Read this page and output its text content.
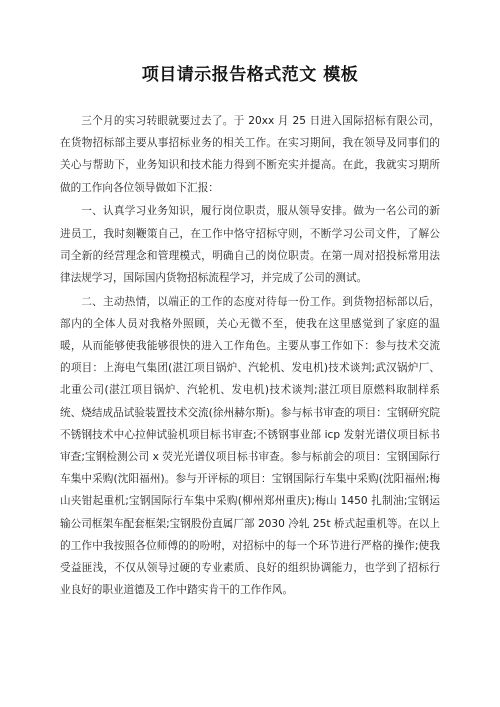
项目请示报告格式范文 模板

三个月的实习转眼就要过去了。于 20xx 月 25 日进入国际招标有限公司，在货物招标部主要从事招标业务的相关工作。在实习期间，我在领导及同事们的关心与帮助下，业务知识和技术能力得到不断充实并提高。在此，我就实习期所做的工作向各位领导做如下汇报：

一、认真学习业务知识，履行岗位职责，服从领导安排。做为一名公司的新进员工，我时刻鞭策自己，在工作中恪守招标守则，不断学习公司文件，了解公司全新的经营理念和管理模式，明确自己的岗位职责。在第一周对招投标常用法律法规学习，国际国内货物招标流程学习，并完成了公司的测试。

二、主动热情，以端正的工作的态度对待每一份工作。到货物招标部以后，部内的全体人员对我格外照顾，关心无微不至，使我在这里感觉到了家庭的温暖，从而能够使我能够很快的进入工作角色。主要从事工作如下：参与技术交流的项目：上海电气集团(湛江项目锅炉、汽轮机、发电机)技术谈判;武汉锅炉厂、北重公司(湛江项目锅炉、汽轮机、发电机)技术谈判;湛江项目原燃料取制样系统、烧结成品试验装置技术交流(徐州赫尔斯)。参与标书审查的项目：宝钢研究院不锈钢技术中心拉伸试验机项目标书审查;不锈钢事业部 icp 发射光谱仪项目标书审查;宝钢检测公司 x 荧光光谱仪项目标书审查。参与标前会的项目：宝钢国际行车集中采购(沈阳福州)。参与开评标的项目：宝钢国际行车集中采购(沈阳福州;梅山夹钳起重机;宝钢国际行车集中采购(柳州郑州重庆);梅山 1450 扎制油;宝钢运输公司框架车配套框架;宝钢股份直属厂部 2030 冷轧 25t 桥式起重机等。在以上的工作中我按照各位师傅的的吩咐，对招标中的每一个环节进行严格的操作;使我受益匪浅，不仅从领导过硬的专业素质、良好的组织协调能力，也学到了招标行业良好的职业道德及工作中踏实肯干的工作作风。
